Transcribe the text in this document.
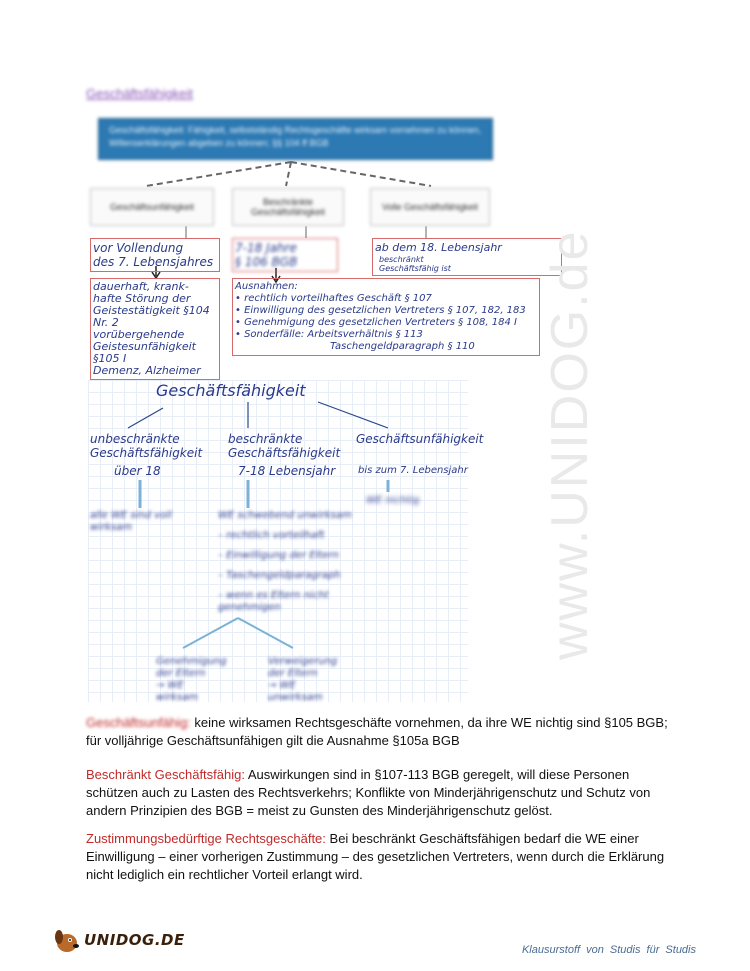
Geschäftsfähigkeit
Geschäftsfähigkeit: Fähigkeit, selbstständig Rechtsgeschäfte wirksam vornehmen zu können, Willenserklärungen abgeben zu können; §§ 104 ff BGB
Geschäftsunfähigkeit	Beschränkte Geschäftsfähigkeit	Volle Geschäftsfähigkeit
vor Vollendung
des 7. Lebensjahres
dauerhaft, krank-
hafte Störung der
Geistestätigkeit §104 Nr. 2
vorübergehende
Geistesunfähigkeit
§105 I
Demenz, Alzheimer
7-18 Jahre
§ 106 BGB
Ausnahmen:
• rechtlich vorteilhaftes Geschäft § 107
• Einwilligung des gesetzlichen Vertreters § 107, 182, 183
• Genehmigung des gesetzlichen Vertreters § 108, 184 I
• Sonderfälle: Arbeitsverhältnis § 113
Taschengeldparagraph § 110
ab dem 18. Lebensjahr beschränkt
Geschäftsfähig ist
Geschäftsfähigkeit
unbeschränkte Geschäftsfähigkeit
über 18
alle WE sind voll wirksam
beschränkte Geschäftsfähigkeit
7-18 Lebensjahr
WE schwebend unwirksam
– rechtlich vorteilhaft
– Einwilligung der Eltern
– Taschengeldparagraph
– wenn es Eltern nicht genehmigen
Geschäftsunfähigkeit
bis zum 7. Lebensjahr
WE nichtig
Genehmigung der Eltern
→ WE wirksam
Verweigerung der Eltern
→ WE unwirksam
www.UNIDOG.de
Geschäftsunfähig: keine wirksamen Rechtsgeschäfte vornehmen, da ihre WE nichtig sind §105 BGB; für volljährige Geschäftsunfähigen gilt die Ausnahme §105a BGB
Beschränkt Geschäftsfähig: Auswirkungen sind in §107-113 BGB geregelt, will diese Personen schützen auch zu Lasten des Rechtsverkehrs; Konflikte von Minderjährigenschutz und Schutz von andern Prinzipien des BGB = meist zu Gunsten des Minderjährigenschutz gelöst.
Zustimmungsbedürftige Rechtsgeschäfte: Bei beschränkt Geschäftsfähigen bedarf die WE einer Einwilligung – einer vorherigen Zustimmung – des gesetzlichen Vertreters, wenn durch die Erklärung nicht lediglich ein rechtlicher Vorteil erlangt wird.
UNIDOG.DE
Klausurstoff von Studis für Studis
